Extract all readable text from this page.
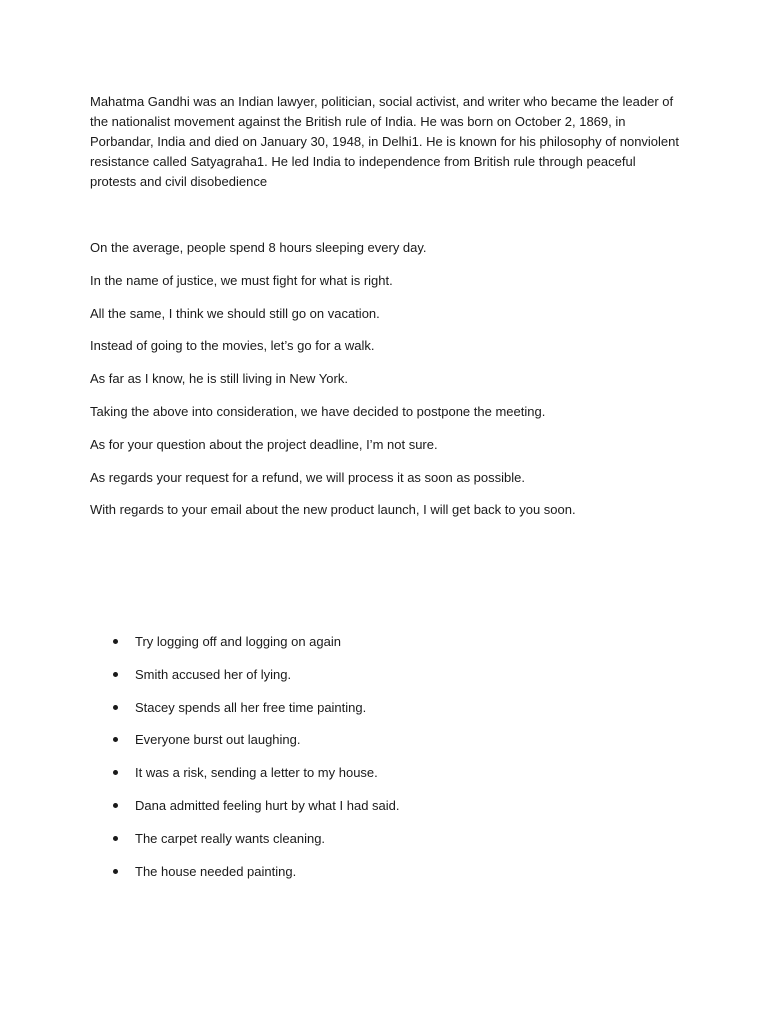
Mahatma Gandhi was an Indian lawyer, politician, social activist, and writer who became the leader of the nationalist movement against the British rule of India. He was born on October 2, 1869, in Porbandar, India and died on January 30, 1948, in Delhi1. He is known for his philosophy of nonviolent resistance called Satyagraha1. He led India to independence from British rule through peaceful protests and civil disobedience

On the average, people spend 8 hours sleeping every day.

In the name of justice, we must fight for what is right.

All the same, I think we should still go on vacation.

Instead of going to the movies, let’s go for a walk.

As far as I know, he is still living in New York.

Taking the above into consideration, we have decided to postpone the meeting.

As for your question about the project deadline, I’m not sure.

As regards your request for a refund, we will process it as soon as possible.

With regards to your email about the new product launch, I will get back to you soon.

Try logging off and logging on again
Smith accused her of lying.
Stacey spends all her free time painting.
Everyone burst out laughing.
It was a risk, sending a letter to my house.
Dana admitted feeling hurt by what I had said.
The carpet really wants cleaning.
The house needed painting.
